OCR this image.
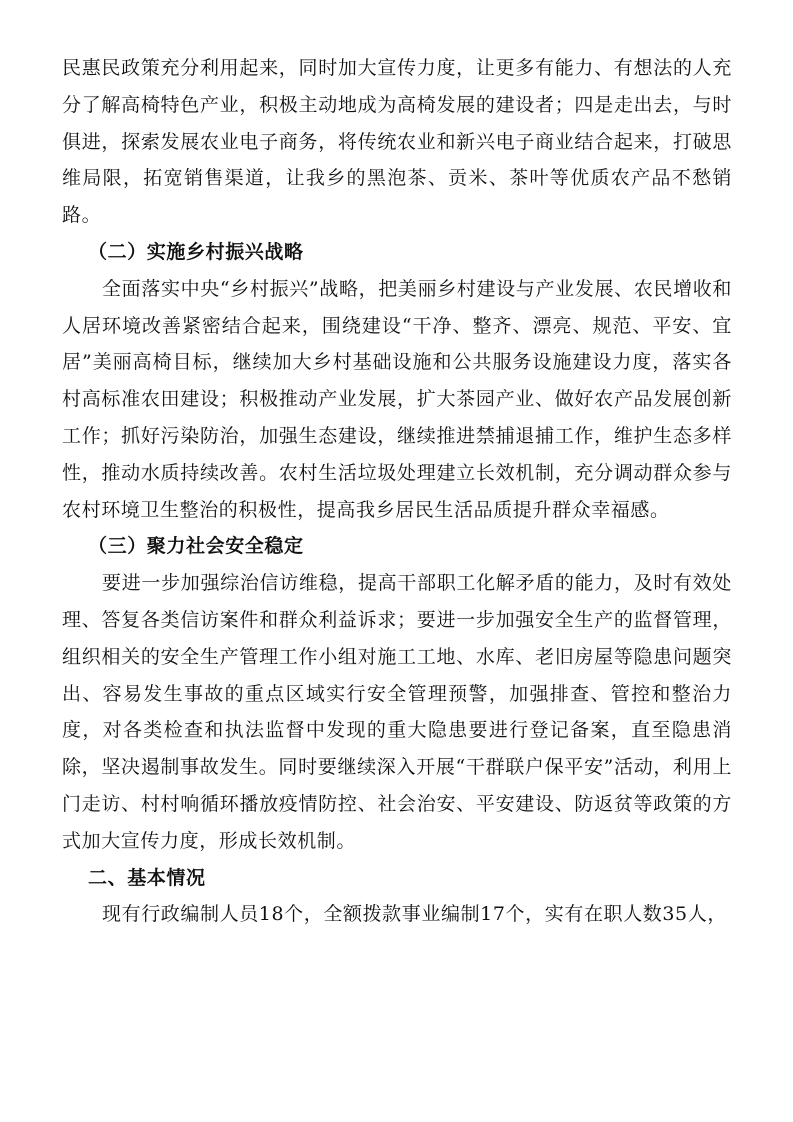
民惠民政策充分利用起来，同时加大宣传力度，让更多有能力、有想法的人充分了解高椅特色产业，积极主动地成为高椅发展的建设者；四是走出去，与时俱进，探索发展农业电子商务，将传统农业和新兴电子商业结合起来，打破思维局限，拓宽销售渠道，让我乡的黑泡茶、贡米、茶叶等优质农产品不愁销路。

（二）实施乡村振兴战略

全面落实中央“乡村振兴”战略，把美丽乡村建设与产业发展、农民增收和人居环境改善紧密结合起来，围绕建设“干净、整齐、漂亮、规范、平安、宜居”美丽高椅目标，继续加大乡村基础设施和公共服务设施建设力度，落实各村高标准农田建设；积极推动产业发展，扩大茶园产业、做好农产品发展创新工作；抓好污染防治，加强生态建设，继续推进禁捕退捕工作，维护生态多样性，推动水质持续改善。农村生活垃圾处理建立长效机制，充分调动群众参与农村环境卫生整治的积极性，提高我乡居民生活品质提升群众幸福感。

（三）聚力社会安全稳定

要进一步加强综治信访维稳，提高干部职工化解矛盾的能力，及时有效处理、答复各类信访案件和群众利益诉求；要进一步加强安全生产的监督管理，组织相关的安全生产管理工作小组对施工工地、水库、老旧房屋等隐患问题突出、容易发生事故的重点区域实行安全管理预警，加强排查、管控和整治力度，对各类检查和执法监督中发现的重大隐患要进行登记备案，直至隐患消除，坚决遏制事故发生。同时要继续深入开展“干群联户保平安”活动，利用上门走访、村村响循环播放疫情防控、社会治安、平安建设、防返贫等政策的方式加大宣传力度，形成长效机制。

二、基本情况

现有行政编制人员18个，全额拨款事业编制17个，实有在职人数35人，
